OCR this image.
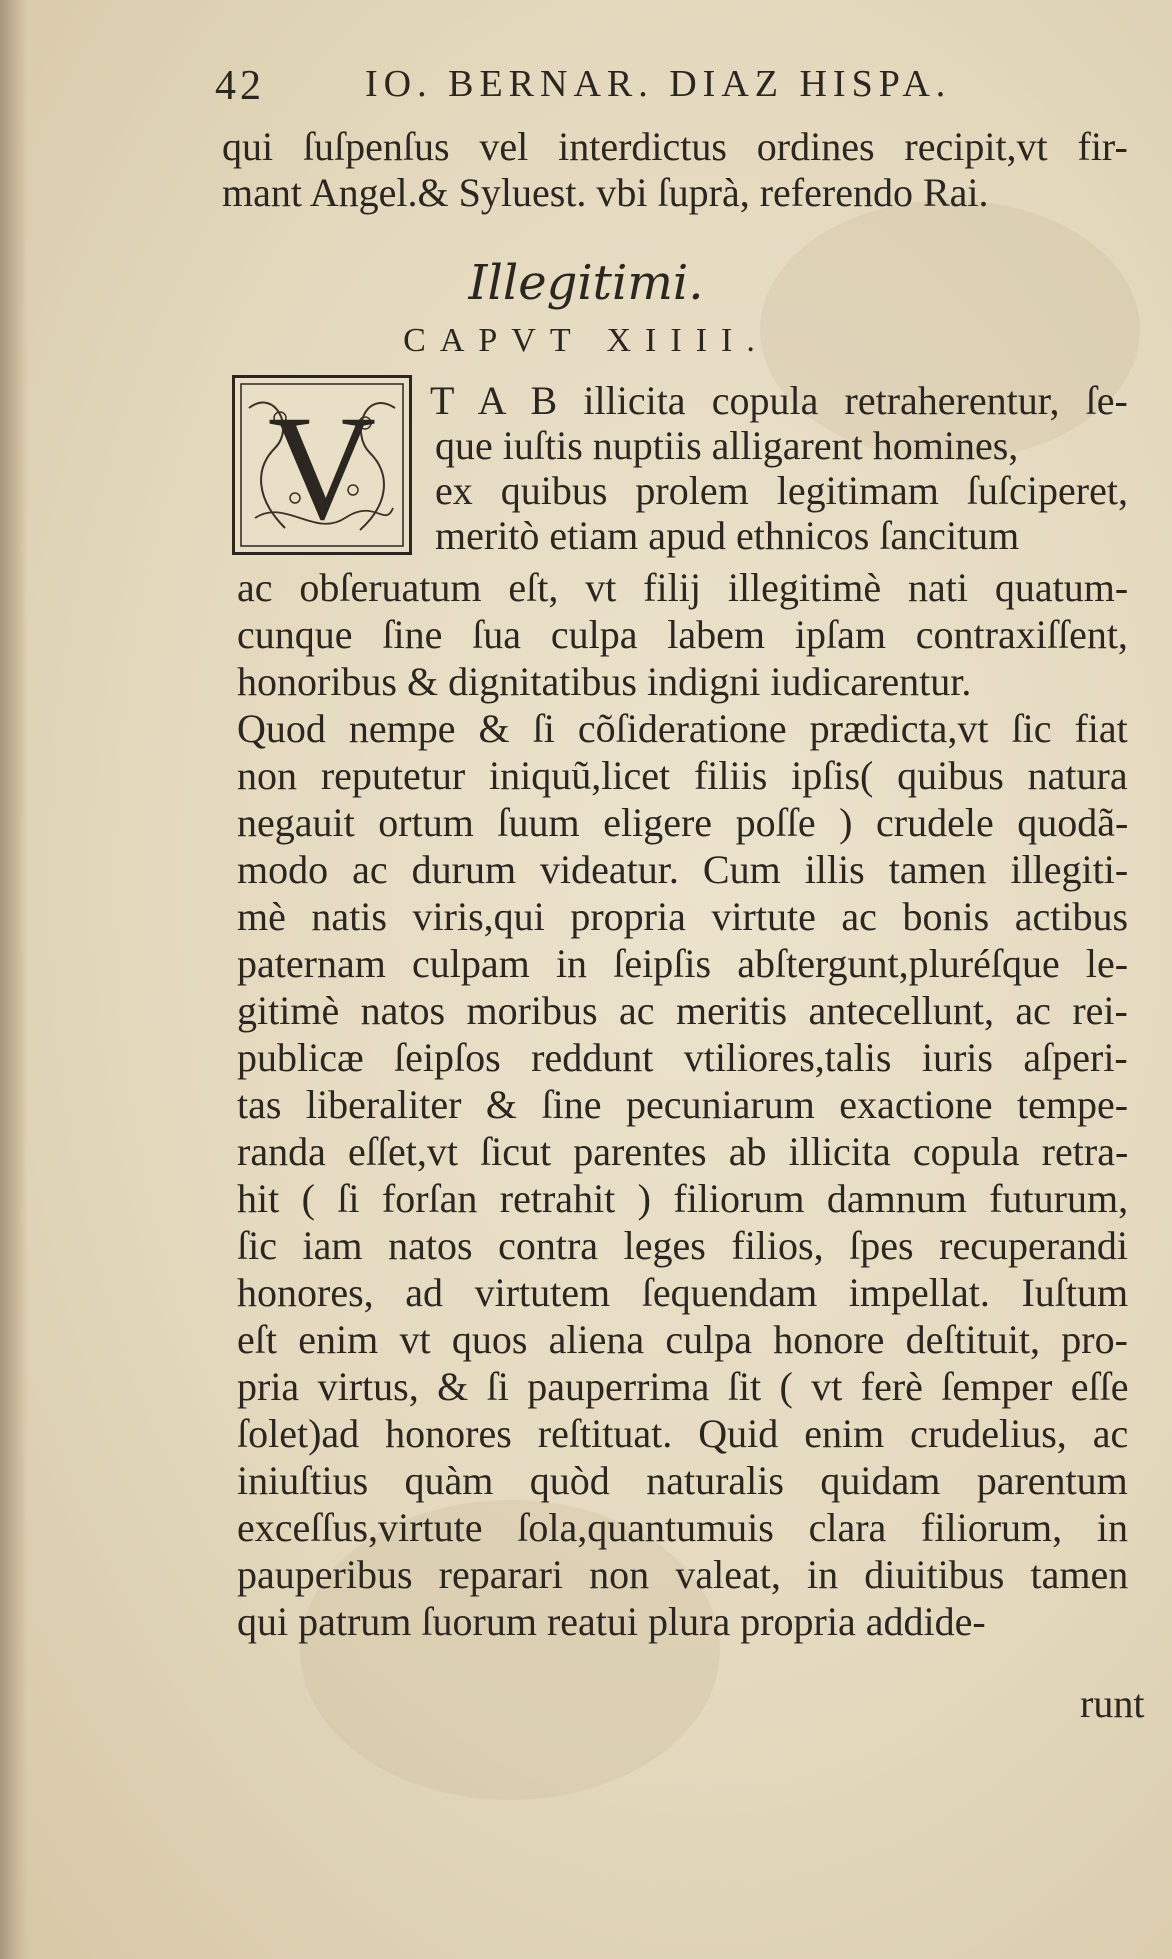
42	IO. BERNAR. DIAZ HISPA.
qui ſuſpenſus vel interdictus ordines recipit,vt fir-
mant Angel.& Syluest. vbi ſuprà, referendo Rai.
Illegitimi.
CAPVT XIIII.
V T A B illicita copula retraherentur, ſe-
que iuſtis nuptiis alligarent homines,
ex quibus prolem legitimam ſuſciperet,
meritò etiam apud ethnicos ſancitum
ac obſeruatum eſt, vt filij illegitimè nati quatum-
cunque ſine ſua culpa labem ipſam contraxiſſent,
honoribus & dignitatibus indigni iudicarentur.
Quod nempe & ſi cõſideratione prædicta,vt ſic fiat
non reputetur iniquũ,licet filiis ipſis( quibus natura
negauit ortum ſuum eligere poſſe ) crudele quodã-
modo ac durum videatur. Cum illis tamen illegiti-
mè natis viris,qui propria virtute ac bonis actibus
paternam culpam in ſeipſis abſtergunt,pluréſque le-
gitimè natos moribus ac meritis antecellunt, ac rei-
publicæ ſeipſos reddunt vtiliores,talis iuris aſperi-
tas liberaliter & ſine pecuniarum exactione tempe-
randa eſſet,vt ſicut parentes ab illicita copula retra-
hit ( ſi forſan retrahit ) filiorum damnum futurum,
ſic iam natos contra leges filios, ſpes recuperandi
honores, ad virtutem ſequendam impellat. Iuſtum
eſt enim vt quos aliena culpa honore deſtituit, pro-
pria virtus, & ſi pauperrima ſit ( vt ferè ſemper eſſe
ſolet)ad honores reſtituat. Quid enim crudelius, ac
iniuſtius quàm quòd naturalis quidam parentum
exceſſus,virtute ſola,quantumuis clara filiorum, in
pauperibus reparari non valeat, in diuitibus tamen
qui patrum ſuorum reatui plura propria addide-
runt
